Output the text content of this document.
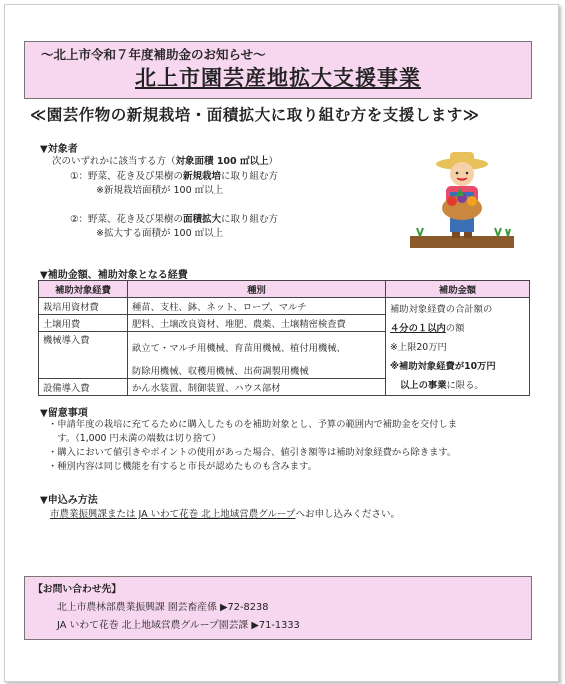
〜北上市令和７年度補助金のお知らせ〜
北上市園芸産地拡大支援事業
≪園芸作物の新規栽培・面積拡大に取り組む方を支援します≫
▼対象者
次のいずれかに該当する方（対象面積 100 ㎡以上）
①：野菜、花き及び果樹の新規栽培に取り組む方
※新規栽培面積が 100 ㎡以上
②：野菜、花き及び果樹の面積拡大に取り組む方
※拡大する面積が 100 ㎡以上
▼補助金額、補助対象となる経費
補助対象経費	種別	補助金額
栽培用資材費	種苗、支柱、鉢、ネット、ロープ、マルチ	補助対象経費の合計額の
４分の１以内の額
※上限20万円
※補助対象経費が10万円
以上の事業に限る。

土壌用費	肥料、土壌改良資材、堆肥、農薬、土壌精密検査費	
機械導入費	畝立て・マルチ用機械、育苗用機械、植付用機械、	
	防除用機械、収穫用機械、出荷調製用機械	
設備導入費	かん水装置、制御装置、ハウス部材	
▼留意事項
・申請年度の栽培に充てるために購入したものを補助対象とし、予算の範囲内で補助金を交付しま
　す。（1,000 円未満の端数は切り捨て）
・購入において値引きやポイントの使用があった場合、値引き額等は補助対象経費から除きます。
・種別内容は同じ機能を有すると市長が認めたものも含みます。
▼申込み方法
市農業振興課または JA いわて花巻 北上地域営農グループへお申し込みください。
【お問い合わせ先】
北上市農林部農業振興課 園芸畜産係 ▶72-8238
JA いわて花巻 北上地域営農グループ園芸課 ▶71-1333
